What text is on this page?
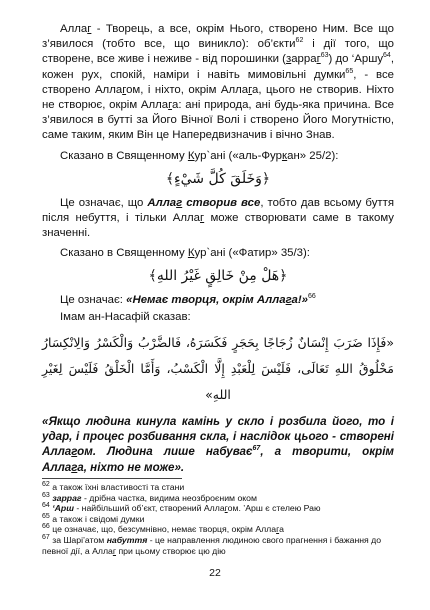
Аллаг - Творець, а все, окрім Нього, створено Ним. Все що з’явилося (тобто все, що виникло): об’єкти$^{62}$ і дії того, що створене, все живе і неживе - від порошинки (зарраг$^{63}$) до ‘Аршу$^{64}$, кожен рух, спокій, наміри і навіть мимовільні думки$^{65}$, - все створено Аллагом, і ніхто, окрім Аллага, цього не створив. Ніхто не створює, окрім Аллага: ані природа, ані будь-яка причина. Все з’явилося в бутті за Його Вічної Волі і створено Його Могутністю, саме таким, яким Він це Напередвизначив і вічно Знав.

Сказано в Священному Кур`ані («аль-Фуркан» 25/2):

﴿وَخَلَقَ كُلَّ شَيْءٍ﴾

Це означає, що Аллаг створив все, тобто дав всьому буття після небуття, і тільки Аллаг може створювати саме в такому значенні.

Сказано в Священному Кур`ані («Фатир» 35/3):

﴿هَلْ مِنْ خَالِقٍ غَيْرُ اللهِ﴾

Це означає: «Немає творця, окрім Аллага!»$^{66}$

Імам ан-Насафій сказав:

«فَإِذَا ضَرَبَ إِنْسَانٌ زُجَاجًا بِحَجَرٍ فَكَسَرَهُ، فَالضَّرْبُ وَالْكَسْرُ وَالِانْكِسَارُ مَخْلُوقُ اللهِ تَعَالَى، فَلَيْسَ لِلْعَبْدِ إِلَّا الْكَسْبُ، وَأَمَّا الْخَلْقُ فَلَيْسَ لِغَيْرِ اللهِ»

«Якщо людина кинула камінь у скло і розбила його, то і удар, і процес розбивання скла, і наслідок цього - створені Аллагом. Людина лише набуває$^{67}$, а творити, окрім Аллага, ніхто не може».

$^{62}$ а також їхні властивості та стани

$^{63}$ зарраг - дрібна частка, видима неозброєним оком

$^{64}$ ‘Арш - найбільший об’єкт, створений Аллагом. ’Арш є стелею Раю

$^{65}$ а також і свідомі думки

$^{66}$ це означає, що, безсумнівно, немає творця, окрім Аллага

$^{67}$ за Шарі’атом набуття - це направлення людиною свого прагнення і бажання до певної дії, а Аллаг при цьому створює цю дію

22
